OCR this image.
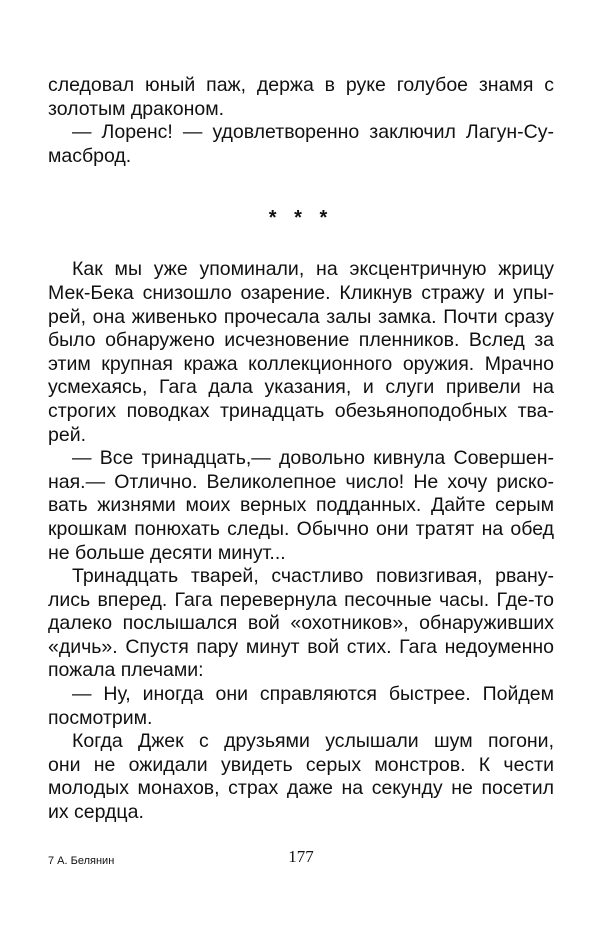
следовал юный паж, держа в руке голубое знамя с
золотым драконом.
— Лоренс! — удовлетворенно заключил Лагун-Су-
масброд.
* * *
Как мы уже упоминали, на эксцентричную жрицу
Мек-Бека снизошло озарение. Кликнув стражу и упы-
рей, она живенько прочесала залы замка. Почти сразу
было обнаружено исчезновение пленников. Вслед за
этим крупная кража коллекционного оружия. Мрачно
усмехаясь, Гага дала указания, и слуги привели на
строгих поводках тринадцать обезьяноподобных тва-
рей.
— Все тринадцать,— довольно кивнула Совершен-
ная.— Отлично. Великолепное число! Не хочу риско-
вать жизнями моих верных подданных. Дайте серым
крошкам понюхать следы. Обычно они тратят на обед
не больше десяти минут...
Тринадцать тварей, счастливо повизгивая, рвану-
лись вперед. Гага перевернула песочные часы. Где-то
далеко послышался вой «охотников», обнаруживших
«дичь». Спустя пару минут вой стих. Гага недоуменно
пожала плечами:
— Ну, иногда они справляются быстрее. Пойдем
посмотрим.
Когда Джек с друзьями услышали шум погони,
они не ожидали увидеть серых монстров. К чести
молодых монахов, страх даже на секунду не посетил
их сердца.
7 А. Белянин	177
